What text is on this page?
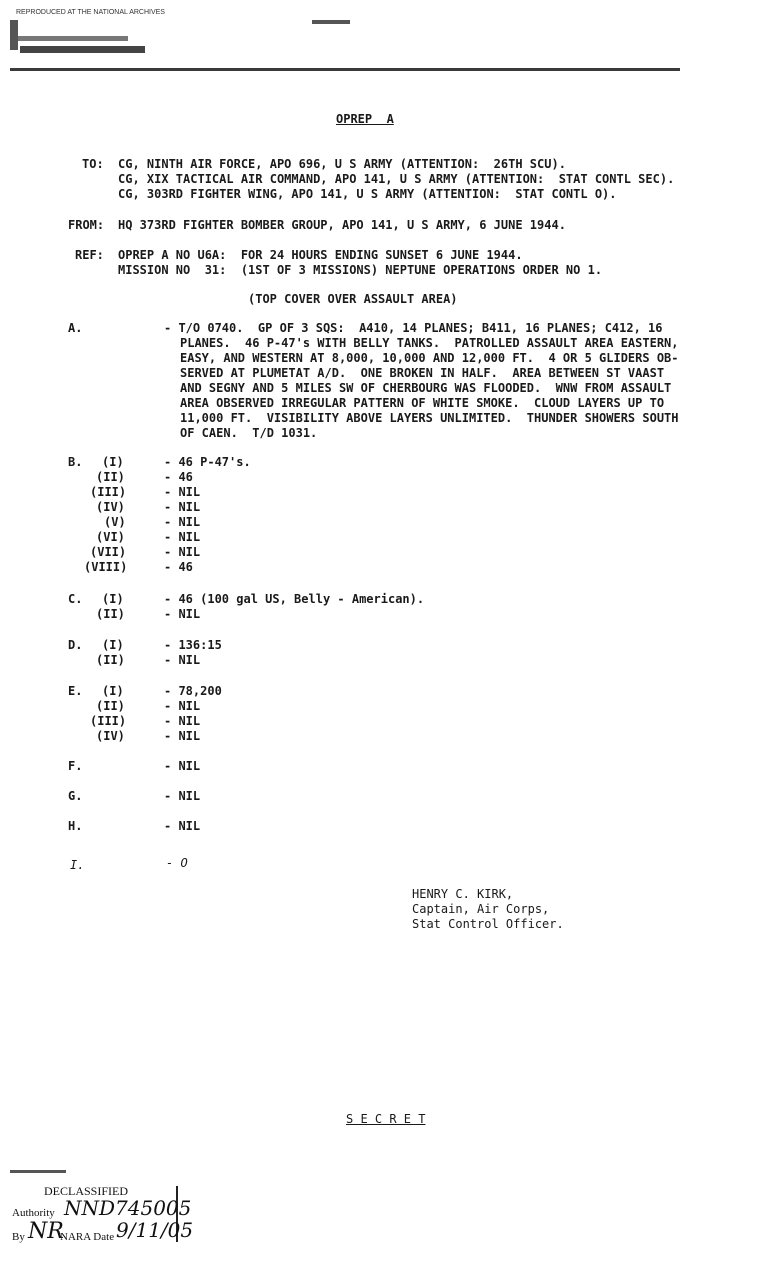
REPRODUCED AT THE NATIONAL ARCHIVES
OPREP  A
TO: CG, NINTH AIR FORCE, APO 696, U S ARMY (ATTENTION:  26TH SCU).
CG, XIX TACTICAL AIR COMMAND, APO 141, U S ARMY (ATTENTION:  STAT CONTL SEC).
CG, 303RD FIGHTER WING, APO 141, U S ARMY (ATTENTION:  STAT CONTL O).
FROM: HQ 373RD FIGHTER BOMBER GROUP, APO 141, U S ARMY, 6 JUNE 1944.
REF: OPREP A NO U6A:  FOR 24 HOURS ENDING SUNSET 6 JUNE 1944.
MISSION NO  31:  (1ST OF 3 MISSIONS) NEPTUNE OPERATIONS ORDER NO 1.
(TOP COVER OVER ASSAULT AREA)
A.	- T/O 0740.  GP OF 3 SQS:  A410, 14 PLANES; B411, 16 PLANES; C412, 16
PLANES.  46 P-47's WITH BELLY TANKS.  PATROLLED ASSAULT AREA EASTERN,
EASY, AND WESTERN AT 8,000, 10,000 AND 12,000 FT.  4 OR 5 GLIDERS OB-
SERVED AT PLUMETAT A/D.  ONE BROKEN IN HALF.  AREA BETWEEN ST VAAST
AND SEGNY AND 5 MILES SW OF CHERBOURG WAS FLOODED.  WNW FROM ASSAULT
AREA OBSERVED IRREGULAR PATTERN OF WHITE SMOKE.  CLOUD LAYERS UP TO
11,000 FT.  VISIBILITY ABOVE LAYERS UNLIMITED.  THUNDER SHOWERS SOUTH
OF CAEN.  T/D 1031.
B. (I)	- 46 P-47's.
(II)	- 46
(III)	- NIL
(IV)	- NIL
(V)	- NIL
(VI)	- NIL
(VII)	- NIL
(VIII)	- 46
C. (I)	- 46 (100 gal US, Belly - American).
(II)	- NIL
D. (I)	- 136:15
(II)	- NIL
E. (I)	- 78,200
(II)	- NIL
(III)	- NIL
(IV)	- NIL
F.	- NIL
G.	- NIL
H.	- NIL
I.	- O
HENRY C. KIRK,
Captain, Air Corps,
Stat Control Officer.
S E C R E T
DECLASSIFIED
Authority NND745005
By NR
NARA Date 9/11/05
